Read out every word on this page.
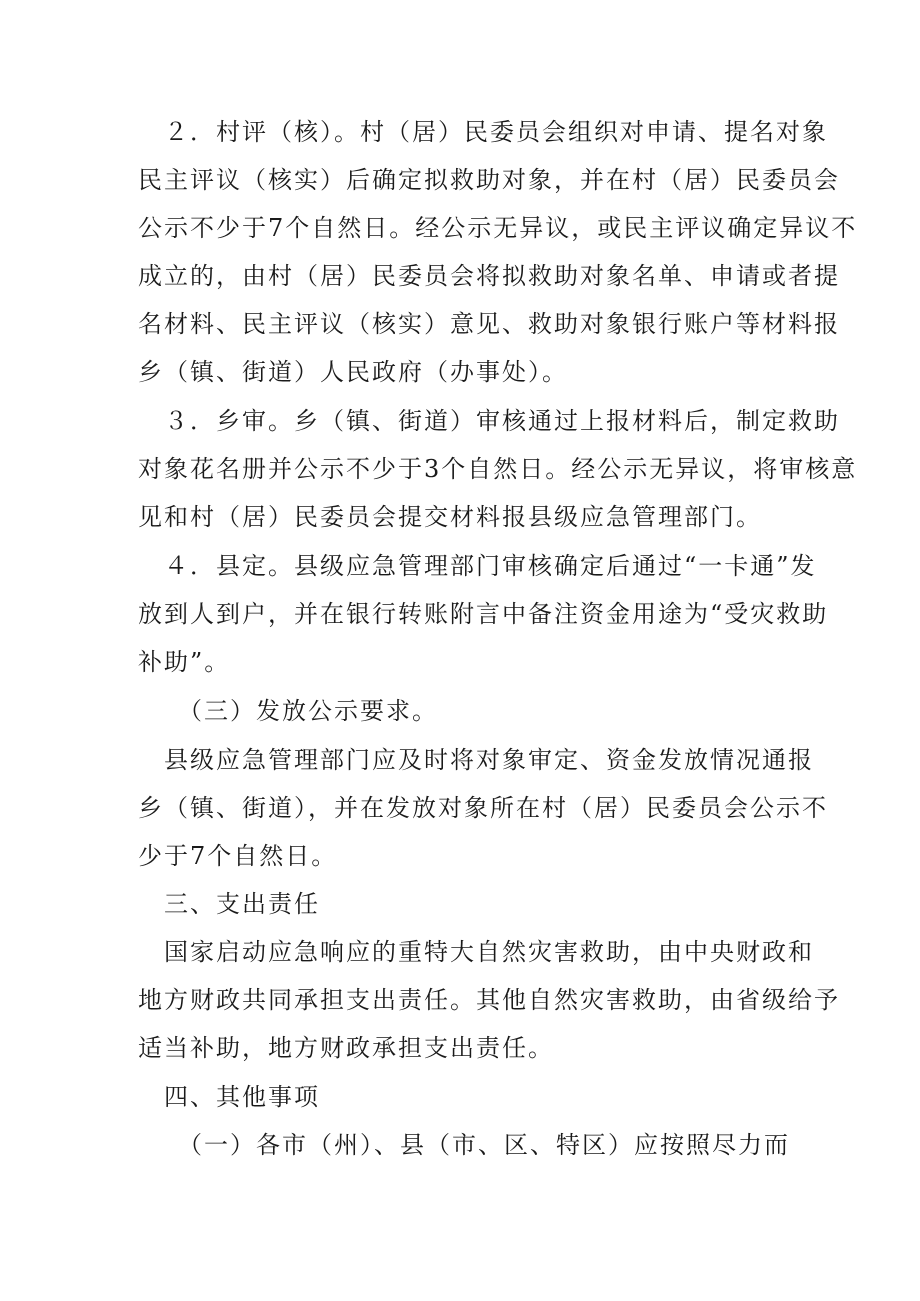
　２．村评（核）。村（居）民委员会组织对申请、提名对象
民主评议（核实）后确定拟救助对象，并在村（居）民委员会
公示不少于7个自然日。经公示无异议，或民主评议确定异议不
成立的，由村（居）民委员会将拟救助对象名单、申请或者提
名材料、民主评议（核实）意见、救助对象银行账户等材料报
乡（镇、街道）人民政府（办事处）。
　３．乡审。乡（镇、街道）审核通过上报材料后，制定救助
对象花名册并公示不少于3个自然日。经公示无异议，将审核意
见和村（居）民委员会提交材料报县级应急管理部门。
　４．县定。县级应急管理部门审核确定后通过“一卡通”发
放到人到户，并在银行转账附言中备注资金用途为“受灾救助
补助”。
　　（三）发放公示要求。
　县级应急管理部门应及时将对象审定、资金发放情况通报
乡（镇、街道），并在发放对象所在村（居）民委员会公示不
少于7个自然日。
　三、支出责任
　国家启动应急响应的重特大自然灾害救助，由中央财政和
地方财政共同承担支出责任。其他自然灾害救助，由省级给予
适当补助，地方财政承担支出责任。
　四、其他事项
　　（一）各市（州）、县（市、区、特区）应按照尽力而
